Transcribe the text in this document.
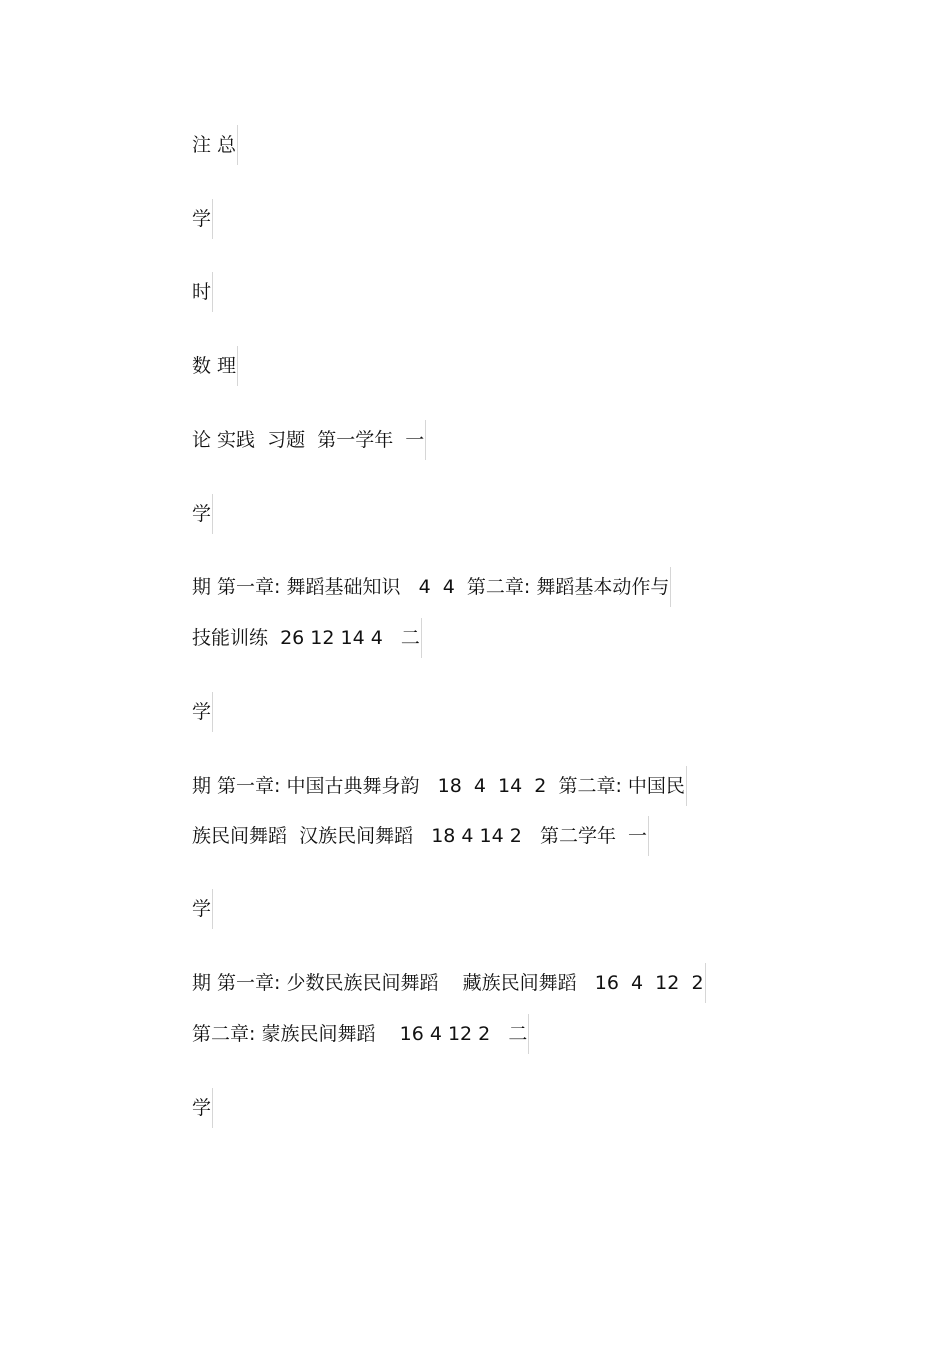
注 总
学
时
数 理
论 实践  习题  第一学年  一
学
期 第一章: 舞蹈基础知识   4  4  第二章: 舞蹈基本动作与
技能训练  26 12 14 4   二
学
期 第一章: 中国古典舞身韵   18  4  14  2  第二章: 中国民
族民间舞蹈  汉族民间舞蹈   18 4 14 2   第二学年  一
学
期 第一章: 少数民族民间舞蹈    藏族民间舞蹈   16  4  12  2
第二章: 蒙族民间舞蹈    16 4 12 2   二
学
